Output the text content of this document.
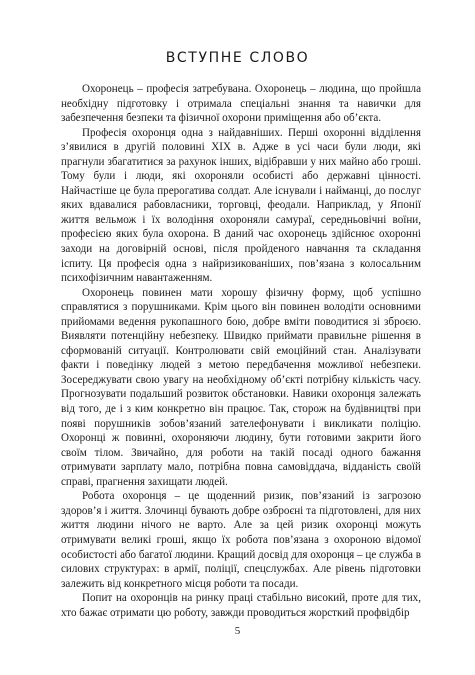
ВСТУПНЕ СЛОВО

Охоронець – професія затребувана. Охоронець – людина, що пройшла необхідну підготовку і отримала спеціальні знання та навички для забезпечення безпеки та фізичної охорони приміщення або об’єкта.

Професія охоронця одна з найдавніших. Перші охоронні відділення з’явилися в другій половині XIX в. Адже в усі часи були люди, які прагнули збагатитися за рахунок інших, відібравши у них майно або гроші. Тому були і люди, які охороняли особисті або державні цінності. Найчастіше це була прерогатива солдат. Але існували і найманці, до послуг яких вдавалися рабовласники, торговці, феодали. Наприклад, у Японії життя вельмож і їх володіння охороняли самураї, середньовічні воїни, професією яких була охорона. В даний час охоронець здійснює охоронні заходи на договірній основі, після пройденого навчання та складання іспиту. Ця професія одна з найризикованіших, пов’язана з колосальним психофізичним навантаженням.

Охоронець повинен мати хорошу фізичну форму, щоб успішно справлятися з порушниками. Крім цього він повинен володіти основними прийомами ведення рукопашного бою, добре вміти поводитися зі зброєю. Виявляти потенційну небезпеку. Швидко приймати правильне рішення в сформованій ситуації. Контролювати свій емоційний стан. Аналізувати факти і поведінку людей з метою передбачення можливої небезпеки. Зосереджувати свою увагу на необхідному об’єкті потрібну кількість часу. Прогнозувати подальший розвиток обстановки. Навики охоронця залежать від того, де і з ким конкретно він працює. Так, сторож на будівництві при появі порушників зобов’язаний зателефонувати і викликати поліцію. Охоронці ж повинні, охороняючи людину, бути готовими закрити його своїм тілом. Звичайно, для роботи на такій посаді одного бажання отримувати зарплату мало, потрібна повна самовіддача, відданість своїй справі, прагнення захищати людей.

Робота охоронця – це щоденний ризик, пов’язаний із загрозою здоров’я і життя. Злочинці бувають добре озброєні та підготовлені, для них життя людини нічого не варто. Але за цей ризик охоронці можуть отримувати великі гроші, якщо їх робота пов’язана з охороною відомої особистості або багатої людини. Кращий досвід для охоронця – це служба в силових структурах: в армії, поліції, спецслужбах. Але рівень підготовки залежить від конкретного місця роботи та посади.

Попит на охоронців на ринку праці стабільно високий, проте для тих, хто бажає отримати цю роботу, завжди проводиться жорсткий профвідбір

5
